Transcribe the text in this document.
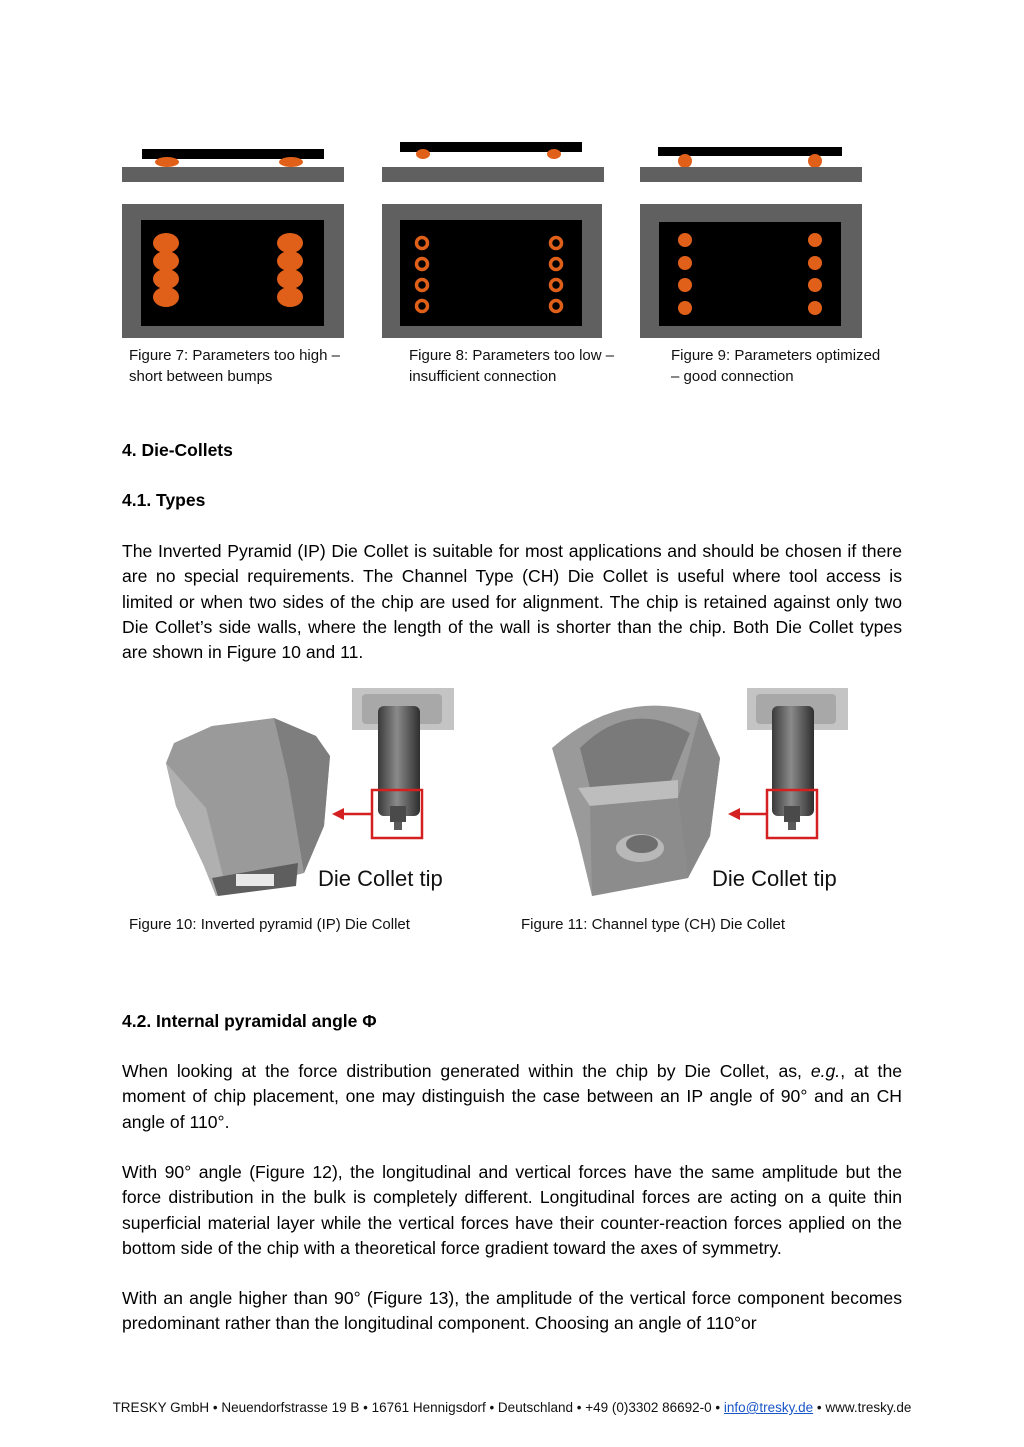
Figure 7: Parameters too high –
short between bumps
Figure 8: Parameters too low –
insufficient connection
Figure 9: Parameters optimized
– good connection
4. Die-Collets
4.1. Types
The Inverted Pyramid (IP) Die Collet is suitable for most applications and should be chosen if there are no special requirements. The Channel Type (CH) Die Collet is useful where tool access is limited or when two sides of the chip are used for alignment. The chip is retained against only two Die Collet’s side walls, where the length of the wall is shorter than the chip. Both Die Collet types are shown in Figure 10 and 11.
Die Collet tip	Die Collet tip
Figure 10: Inverted pyramid (IP) Die Collet	Figure 11: Channel type (CH) Die Collet
4.2. Internal pyramidal angle Φ
When looking at the force distribution generated within the chip by Die Collet, as, e.g., at the moment of chip placement, one may distinguish the case between an IP angle of 90° and an CH angle of 110°.
With 90° angle (Figure 12), the longitudinal and vertical forces have the same amplitude but the force distribution in the bulk is completely different. Longitudinal forces are acting on a quite thin superficial material layer while the vertical forces have their counter-reaction forces applied on the bottom side of the chip with a theoretical force gradient toward the axes of symmetry.
With an angle higher than 90° (Figure 13), the amplitude of the vertical force component becomes predominant rather than the longitudinal component. Choosing an angle of 110°or
TRESKY GmbH • Neuendorfstrasse 19 B • 16761 Hennigsdorf • Deutschland • +49 (0)3302 86692-0 • info@tresky.de • www.tresky.de
